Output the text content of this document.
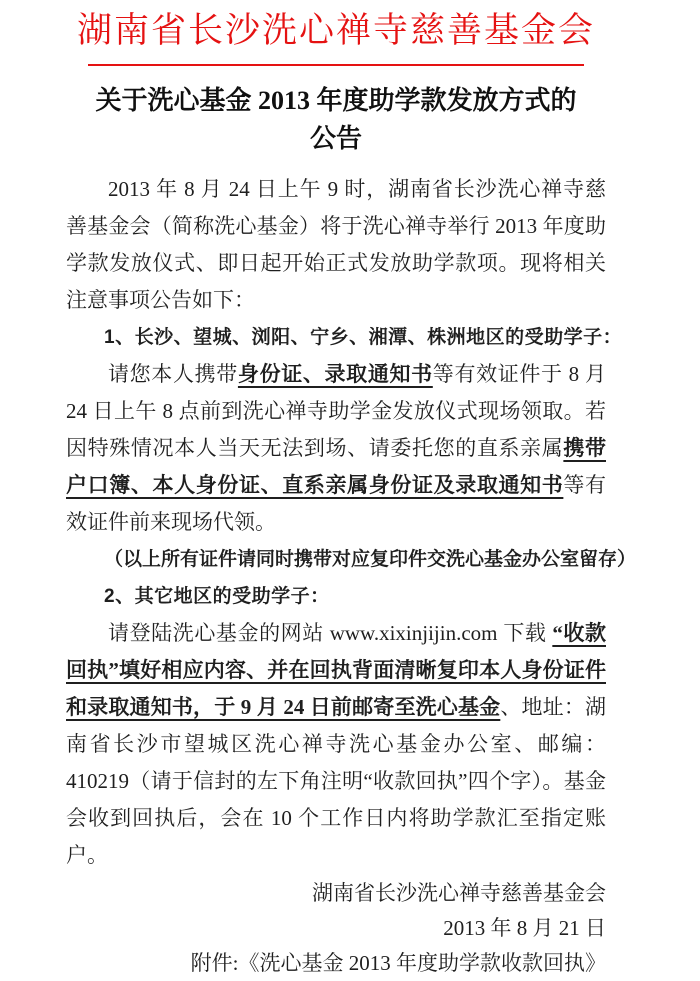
湖南省长沙洗心禅寺慈善基金会
关于洗心基金 2013 年度助学款发放方式的
公告

2013 年 8 月 24 日上午 9 时，湖南省长沙洗心禅寺慈善基金会（简称洗心基金）将于洗心禅寺举行 2013 年度助学款发放仪式、即日起开始正式发放助学款项。现将相关注意事项公告如下：

1、长沙、望城、浏阳、宁乡、湘潭、株洲地区的受助学子：

请您本人携带身份证、录取通知书等有效证件于 8 月 24 日上午 8 点前到洗心禅寺助学金发放仪式现场领取。若因特殊情况本人当天无法到场、请委托您的直系亲属携带户口簿、本人身份证、直系亲属身份证及录取通知书等有效证件前来现场代领。

（以上所有证件请同时携带对应复印件交洗心基金办公室留存）

2、其它地区的受助学子：

请登陆洗心基金的网站 www.xixinjijin.com 下载 “收款回执”填好相应内容、并在回执背面清晰复印本人身份证件和录取通知书，于 9 月 24 日前邮寄至洗心基金、地址：湖南省长沙市望城区洗心禅寺洗心基金办公室、邮编：410219（请于信封的左下角注明“收款回执”四个字）。基金会收到回执后，会在 10 个工作日内将助学款汇至指定账户。

湖南省长沙洗心禅寺慈善基金会
2013 年 8 月 21 日
附件:《洗心基金 2013 年度助学款收款回执》
